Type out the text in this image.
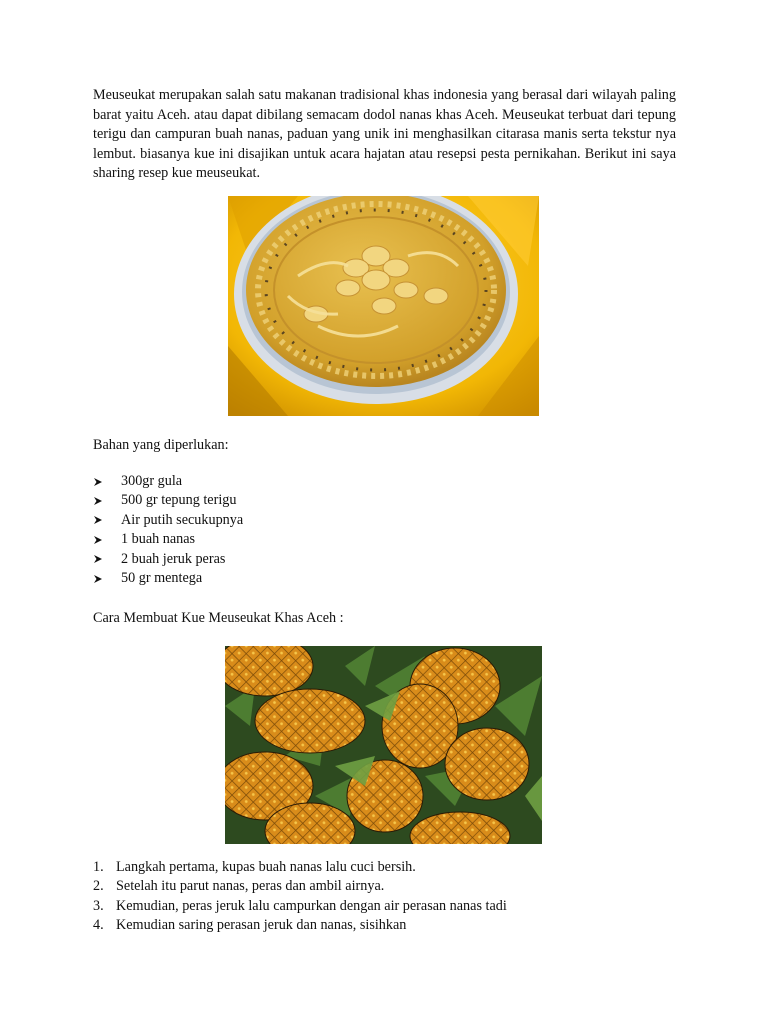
Meuseukat merupakan salah satu makanan tradisional khas indonesia yang berasal dari wilayah paling barat yaitu Aceh. atau dapat dibilang semacam dodol nanas khas Aceh. Meuseukat terbuat dari tepung terigu dan campuran buah nanas, paduan yang unik ini menghasilkan citarasa manis serta tekstur nya lembut. biasanya kue ini disajikan untuk acara hajatan atau resepsi pesta pernikahan. Berikut ini saya sharing resep kue meuseukat.

Bahan yang diperlukan:

300gr gula
500 gr tepung terigu
Air putih secukupnya
1 buah nanas
2 buah jeruk peras
50 gr mentega

Cara Membuat Kue Meuseukat Khas Aceh :

1. Langkah pertama, kupas buah nanas lalu cuci bersih.
2. Setelah itu parut nanas, peras dan ambil airnya.
3. Kemudian, peras jeruk lalu campurkan dengan air perasan nanas tadi
4. Kemudian saring perasan jeruk dan nanas, sisihkan
